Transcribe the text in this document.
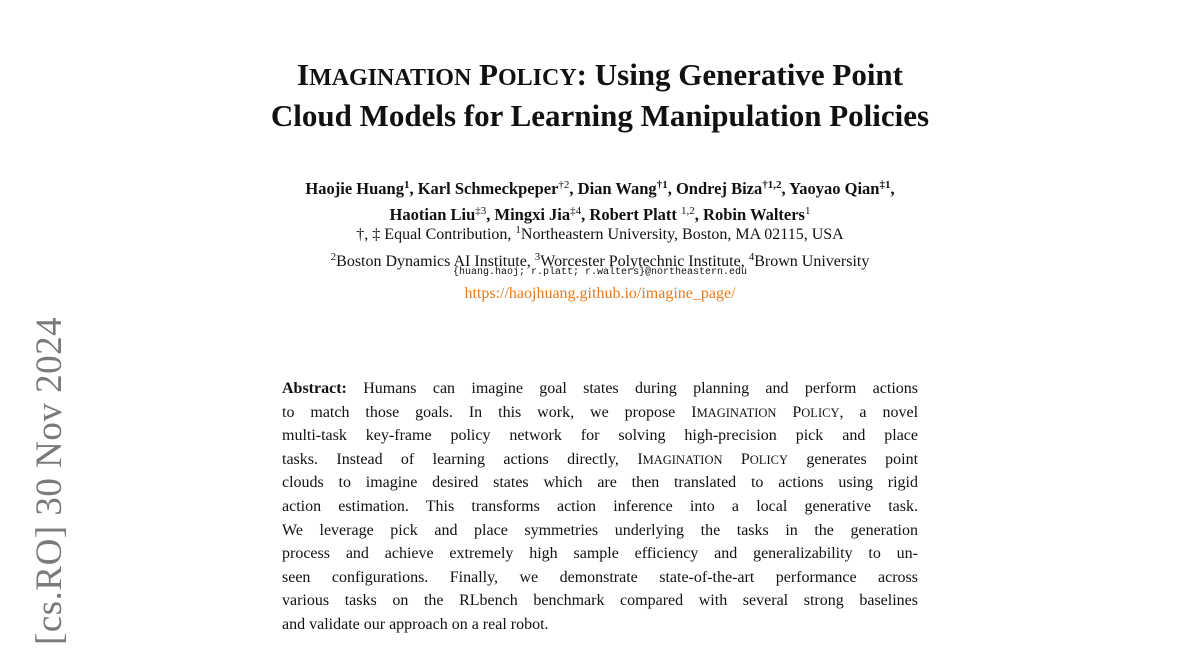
[cs.RO] 30 Nov 2024
IMAGINATION POLICY: Using Generative Point
Cloud Models for Learning Manipulation Policies
Haojie Huang$^1$, Karl Schmeckpeper$^{\dagger 2}$, Dian Wang$^{\dagger 1}$, Ondrej Biza$^{\dagger 1,2}$, Yaoyao Qian$^{\ddagger 1}$,
Haotian Liu$^{\ddagger 3}$, Mingxi Jia$^{\ddagger 4}$, Robert Platt $^{1,2}$, Robin Walters$^1$
†, ‡ Equal Contribution, $^1$Northeastern University, Boston, MA 02115, USA
$^2$Boston Dynamics AI Institute, $^3$Worcester Polytechnic Institute, $^4$Brown University
{huang.haoj; r.platt; r.walters}@northeastern.edu
https://haojhuang.github.io/imagine_page/
Abstract: Humans can imagine goal states during planning and perform actions
to match those goals. In this work, we propose IMAGINATION POLICY, a novel
multi-task key-frame policy network for solving high-precision pick and place
tasks. Instead of learning actions directly, IMAGINATION POLICY generates point
clouds to imagine desired states which are then translated to actions using rigid
action estimation. This transforms action inference into a local generative task.
We leverage pick and place symmetries underlying the tasks in the generation
process and achieve extremely high sample efficiency and generalizability to un-
seen configurations. Finally, we demonstrate state-of-the-art performance across
various tasks on the RLbench benchmark compared with several strong baselines
and validate our approach on a real robot.
